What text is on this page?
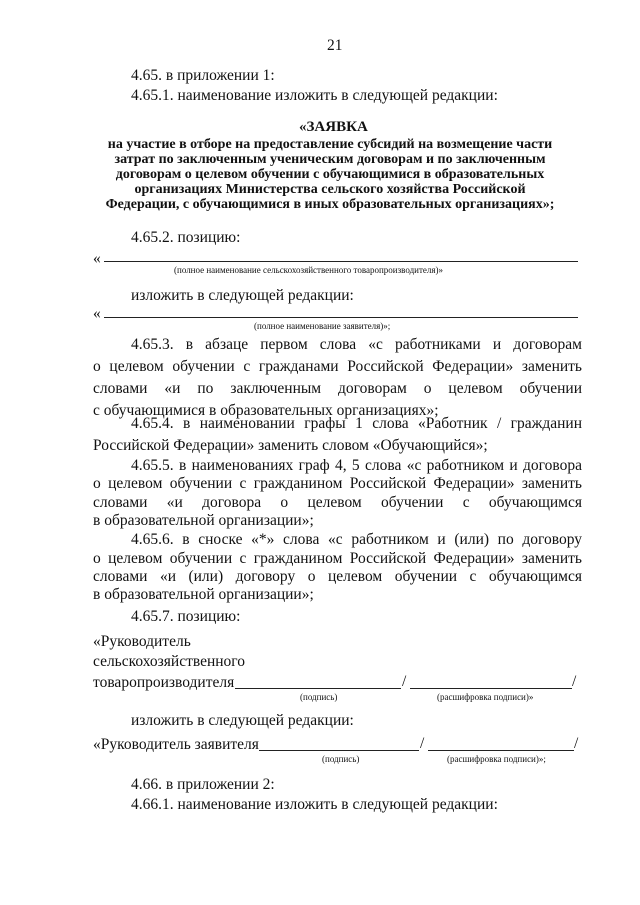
21
4.65. в приложении 1:
4.65.1. наименование изложить в следующей редакции:
«ЗАЯВКА
на участие в отборе на предоставление субсидий на возмещение части
затрат по заключенным ученическим договорам и по заключенным
договорам о целевом обучении с обучающимися в образовательных
организациях Министерства сельского хозяйства Российской
Федерации, с обучающимися в иных образовательных организациях»;
4.65.2. позицию:
«
(полное наименование сельскохозяйственного товаропроизводителя)»
изложить в следующей редакции:
«
(полное наименование заявителя)»;
4.65.3. в абзаце первом слова «с работниками и договорам
о целевом обучении с гражданами Российской Федерации» заменить
словами «и по заключенным договорам о целевом обучении
с обучающимися в образовательных организациях»;
4.65.4. в наименовании графы 1 слова «Работник / гражданин
Российской Федерации» заменить словом «Обучающийся»;
4.65.5. в наименованиях граф 4, 5 слова «с работником и договора
о целевом обучении с гражданином Российской Федерации» заменить
словами «и договора о целевом обучении с обучающимся
в образовательной организации»;
4.65.6. в сноске «*» слова «с работником и (или) по договору
о целевом обучении с гражданином Российской Федерации» заменить
словами «и (или) договору о целевом обучении с обучающимся
в образовательной организации»;
4.65.7. позицию:
«Руководитель
сельскохозяйственного
товаропроизводителя	/	/
(подпись)	(расшифровка подписи)»
изложить в следующей редакции:
«Руководитель заявителя	/	/
(подпись)	(расшифровка подписи)»;
4.66. в приложении 2:
4.66.1. наименование изложить в следующей редакции:
